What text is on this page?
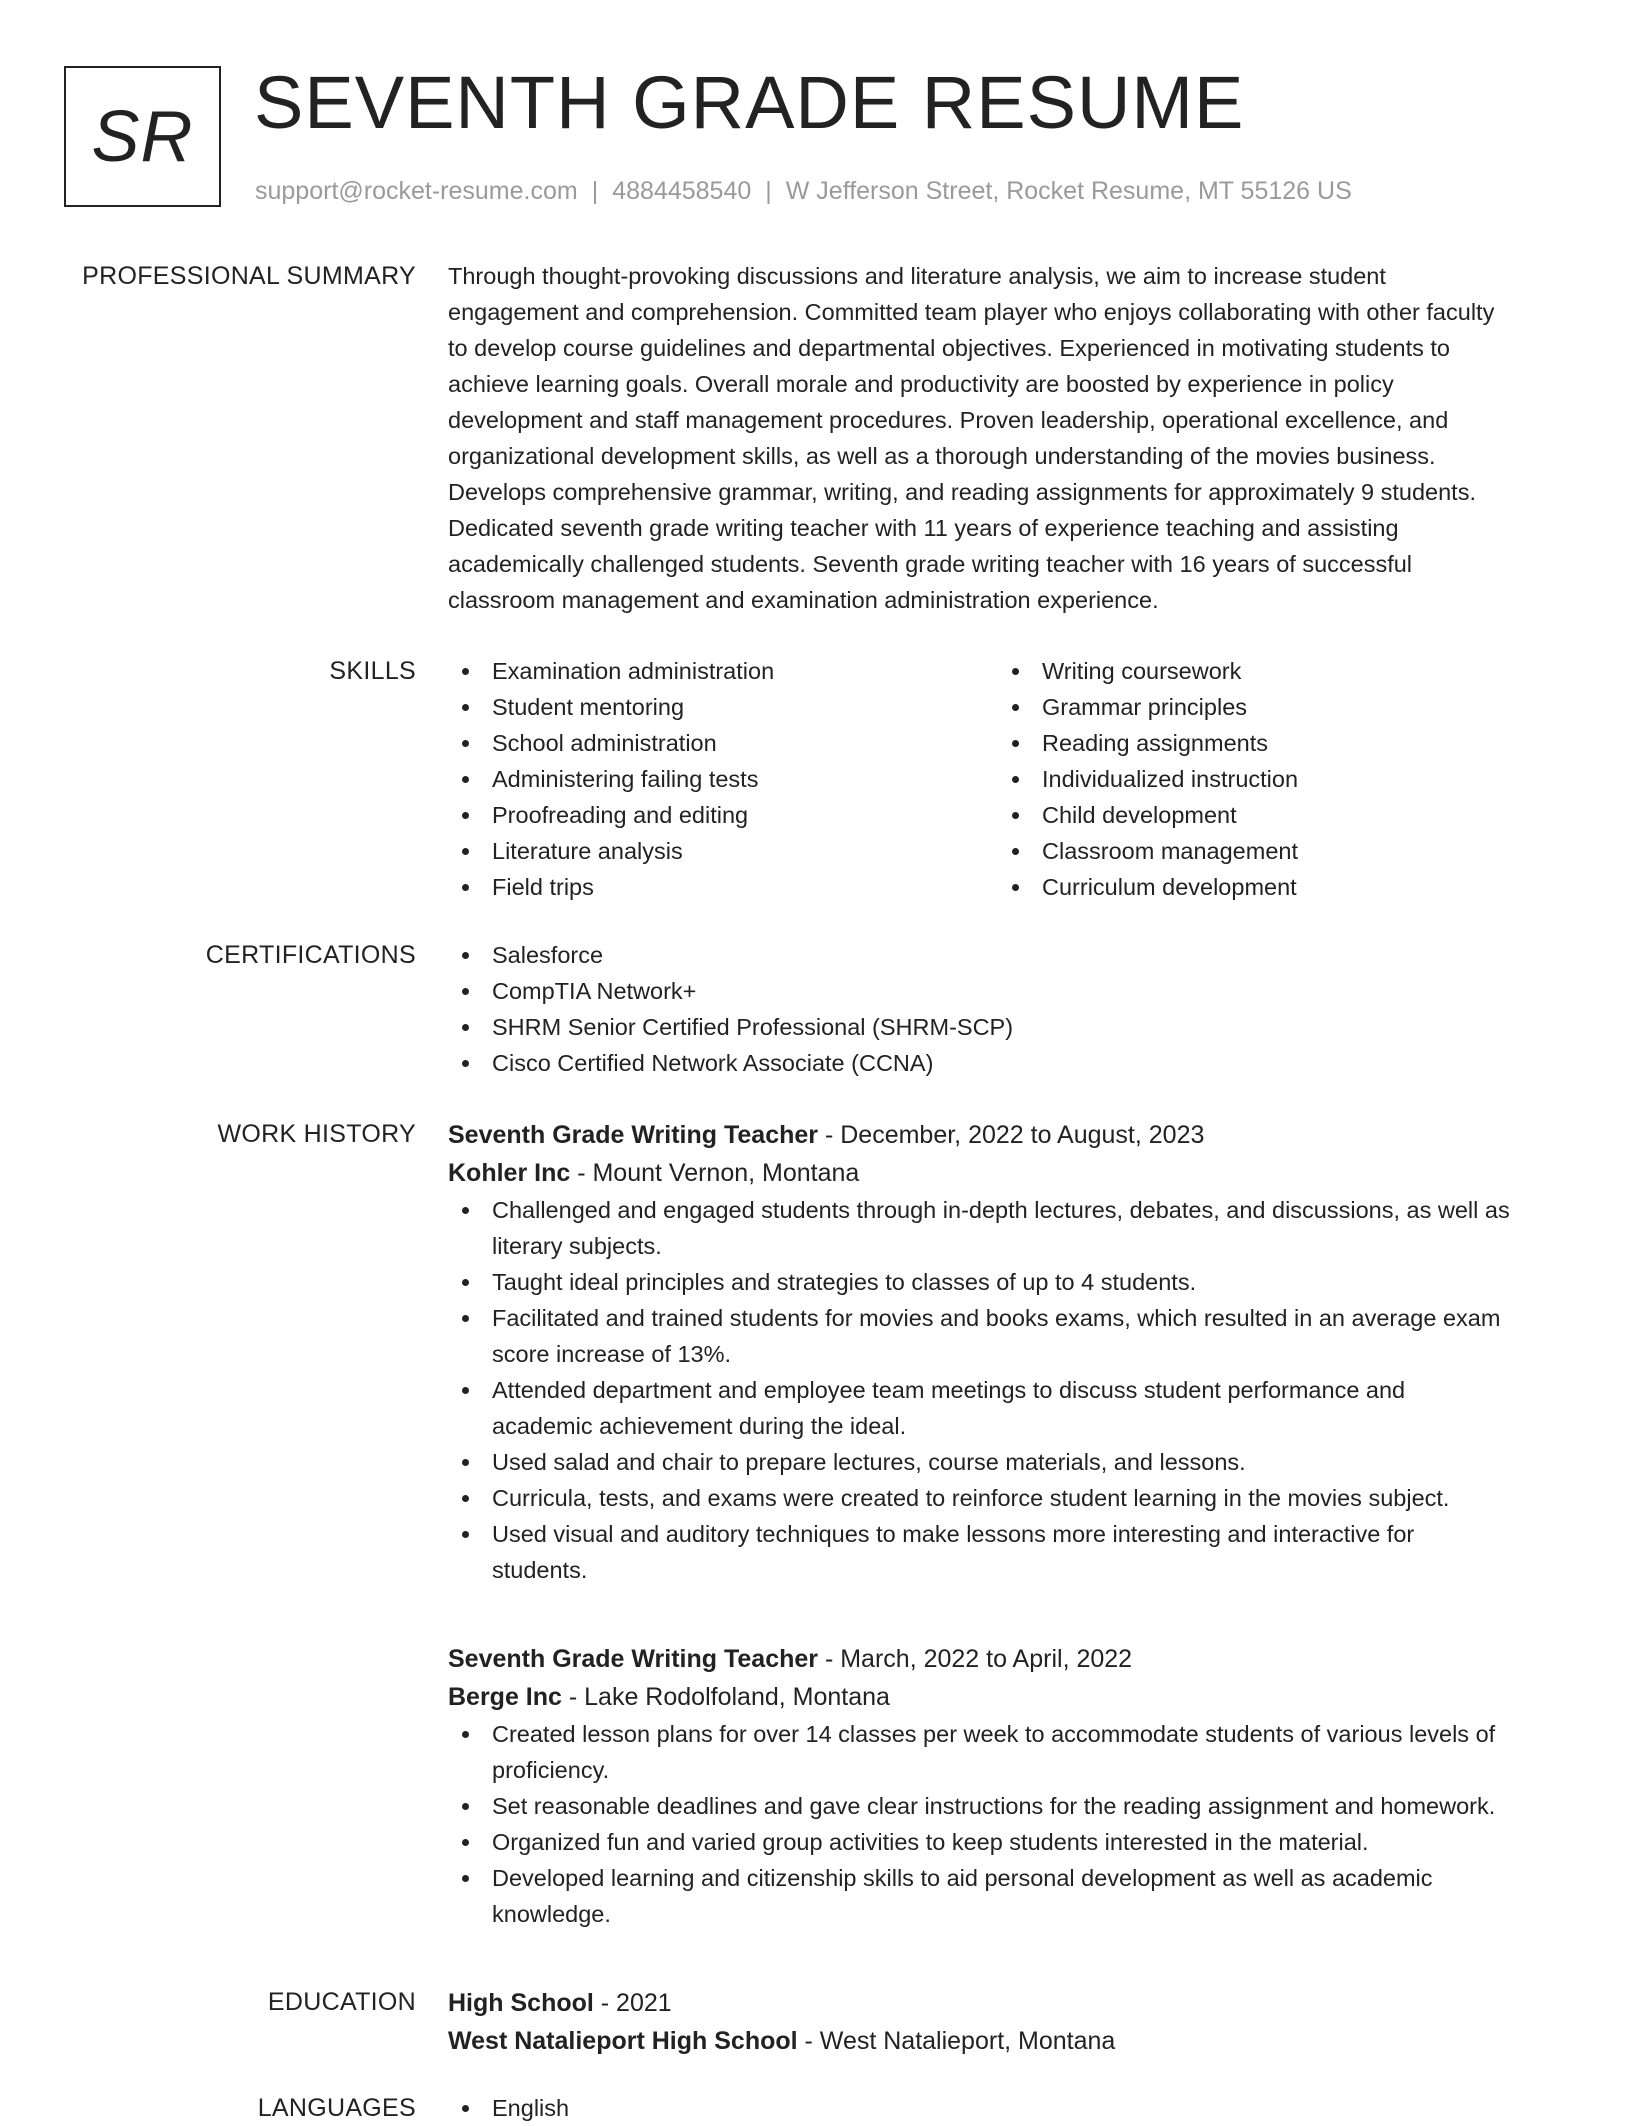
SR SEVENTH GRADE RESUME
support@rocket-resume.com | 4884458540 | W Jefferson Street, Rocket Resume, MT 55126 US
PROFESSIONAL SUMMARY Through thought-provoking discussions and literature analysis, we aim to increase student
engagement and comprehension. Committed team player who enjoys collaborating with other faculty
to develop course guidelines and departmental objectives. Experienced in motivating students to
achieve learning goals. Overall morale and productivity are boosted by experience in policy
development and staff management procedures. Proven leadership, operational excellence, and
organizational development skills, as well as a thorough understanding of the movies business.
Develops comprehensive grammar, writing, and reading assignments for approximately 9 students.
Dedicated seventh grade writing teacher with 11 years of experience teaching and assisting
academically challenged students. Seventh grade writing teacher with 16 years of successful
classroom management and examination administration experience.

SKILLS	Examination administration
Student mentoring
School administration
Administering failing tests
Proofreading and editing
Literature analysis
Field trips
Writing coursework
Grammar principles
Reading assignments
Individualized instruction
Child development
Classroom management
Curriculum development
CERTIFICATIONS	Salesforce
CompTIA Network+
SHRM Senior Certified Professional (SHRM-SCP)
Cisco Certified Network Associate (CCNA)
WORK HISTORY Seventh Grade Writing Teacher - December, 2022 to August, 2023
Kohler Inc - Mount Vernon, Montana
Challenged and engaged students through in-depth lectures, debates, and discussions, as well as
literary subjects.
Taught ideal principles and strategies to classes of up to 4 students.
Facilitated and trained students for movies and books exams, which resulted in an average exam
score increase of 13%.
Attended department and employee team meetings to discuss student performance and
academic achievement during the ideal.
Used salad and chair to prepare lectures, course materials, and lessons.
Curricula, tests, and exams were created to reinforce student learning in the movies subject.
Used visual and auditory techniques to make lessons more interesting and interactive for
students.
Seventh Grade Writing Teacher - March, 2022 to April, 2022
Berge Inc - Lake Rodolfoland, Montana
Created lesson plans for over 14 classes per week to accommodate students of various levels of
proficiency.
Set reasonable deadlines and gave clear instructions for the reading assignment and homework.
Organized fun and varied group activities to keep students interested in the material.
Developed learning and citizenship skills to aid personal development as well as academic
knowledge.
EDUCATION High School - 2021
West Natalieport High School - West Natalieport, Montana
LANGUAGES	English
